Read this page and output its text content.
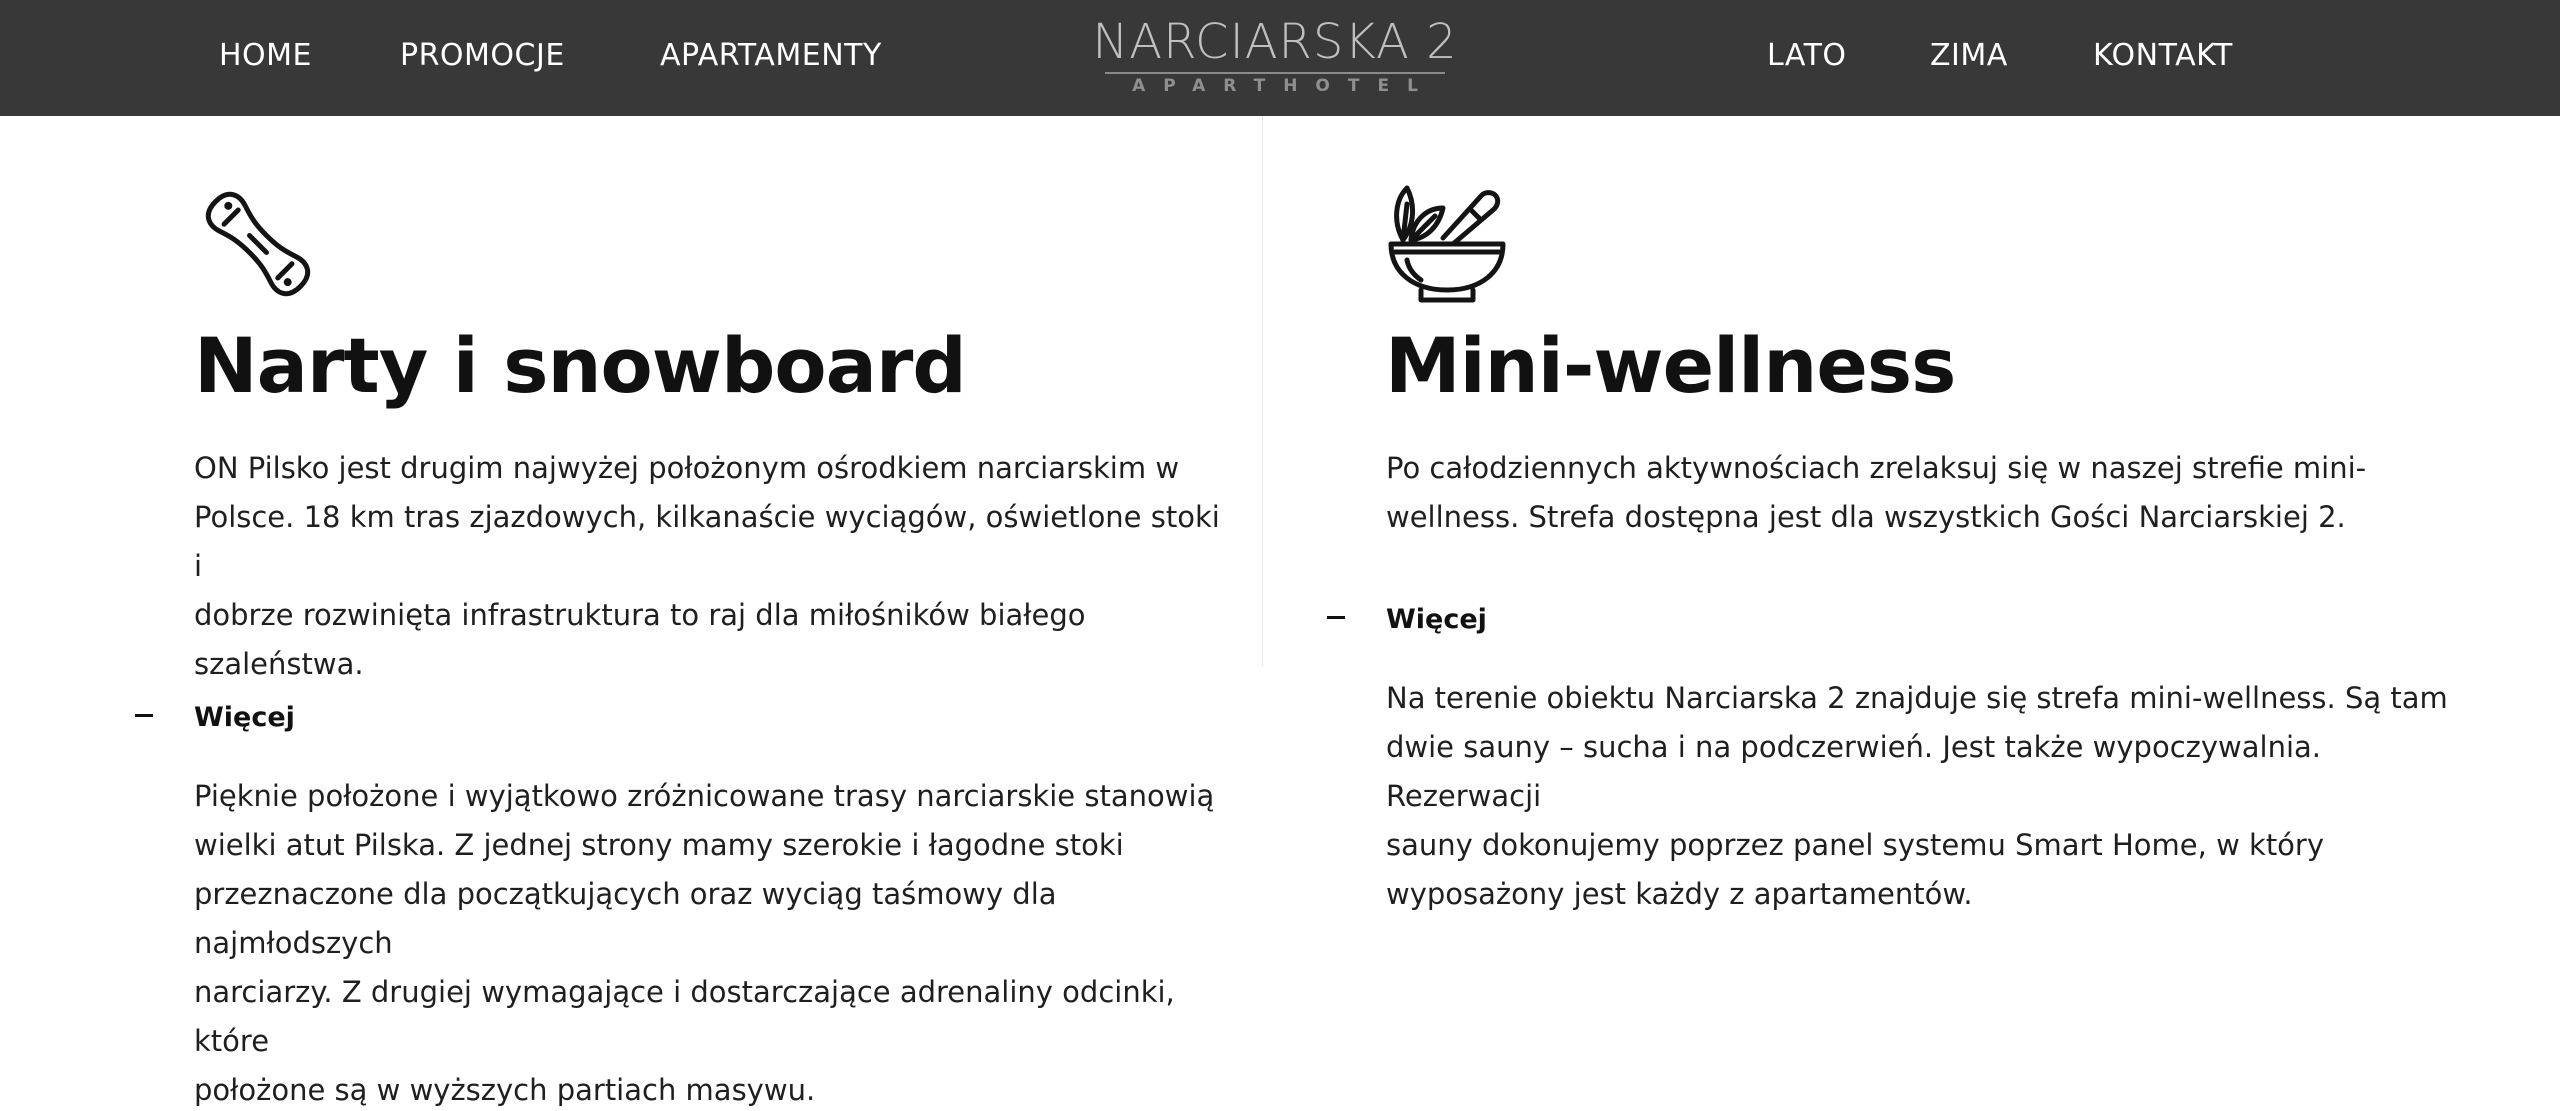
HOME	PROMOCJE	APARTAMENTY	NARCIARSKA 2
APARTHOTEL
LATO	ZIMA	KONTAKT
Narty i snowboard
ON Pilsko jest drugim najwyżej położonym ośrodkiem narciarskim w
Polsce. 18 km tras zjazdowych, kilkanaście wyciągów, oświetlone stoki i
dobrze rozwinięta infrastruktura to raj dla miłośników białego
szaleństwa.
Więcej
Pięknie położone i wyjątkowo zróżnicowane trasy narciarskie stanowią
wielki atut Pilska. Z jednej strony mamy szerokie i łagodne stoki
przeznaczone dla początkujących oraz wyciąg taśmowy dla najmłodszych
narciarzy. Z drugiej wymagające i dostarczające adrenaliny odcinki, które
położone są w wyższych partiach masywu.
Mini-wellness
Po całodziennych aktywnościach zrelaksuj się w naszej strefie mini-
wellness. Strefa dostępna jest dla wszystkich Gości Narciarskiej 2.
Więcej
Na terenie obiektu Narciarska 2 znajduje się strefa mini-wellness. Są tam
dwie sauny – sucha i na podczerwień. Jest także wypoczywalnia. Rezerwacji
sauny dokonujemy poprzez panel systemu Smart Home, w który
wyposażony jest każdy z apartamentów.
